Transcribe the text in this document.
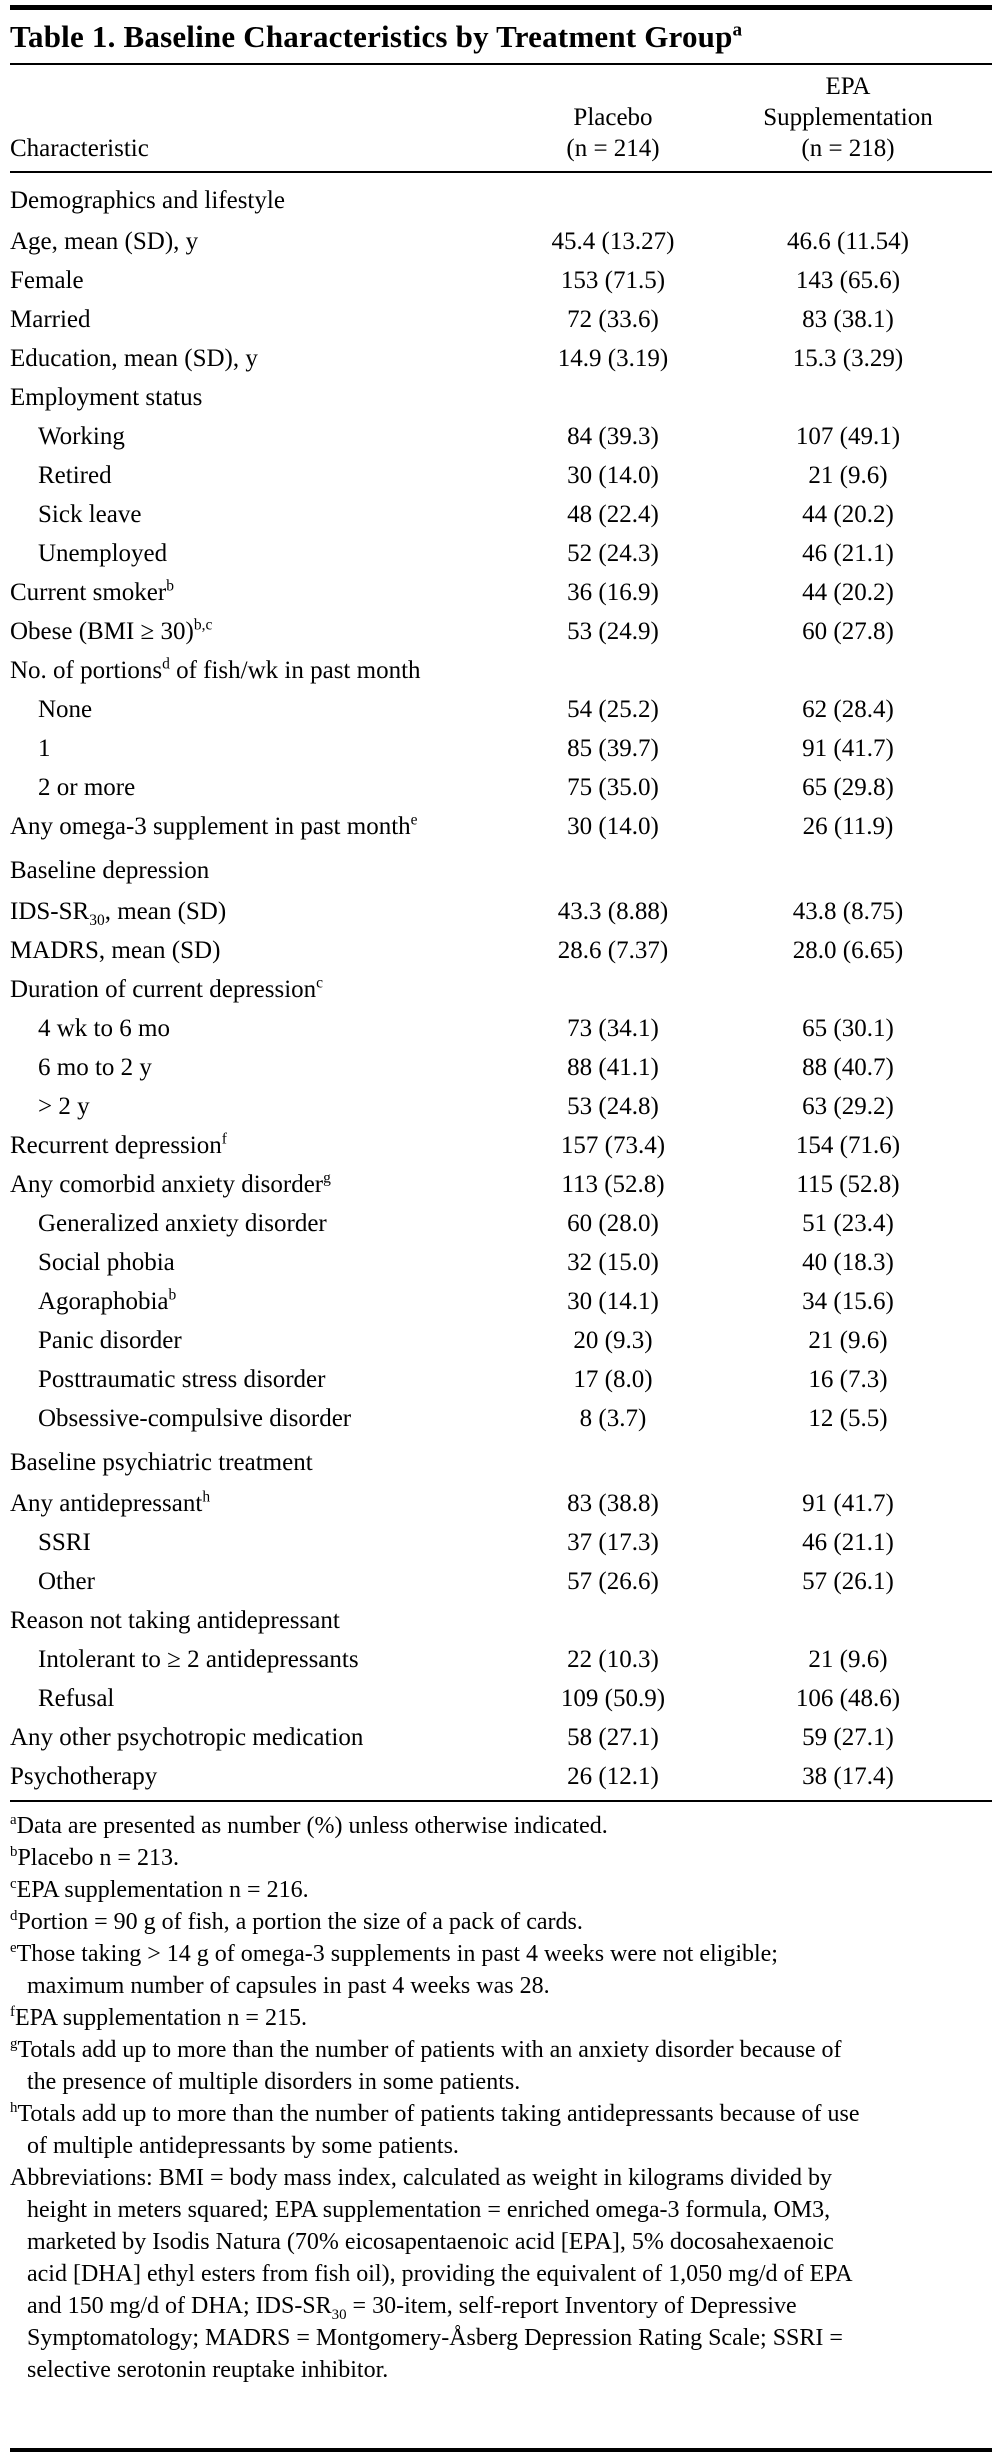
Table 1. Baseline Characteristics by Treatment Group$^a$
Characteristic
Placebo
(n = 214)
EPA
Supplementation
(n = 218)
Demographics and lifestyle
Age, mean (SD), y	45.4 (13.27)	46.6 (11.54)
Female	153 (71.5)	143 (65.6)
Married	72 (33.6)	83 (38.1)
Education, mean (SD), y	14.9 (3.19)	15.3 (3.29)
Employment status
Working	84 (39.3)	107 (49.1)
Retired	30 (14.0)	21 (9.6)
Sick leave	48 (22.4)	44 (20.2)
Unemployed	52 (24.3)	46 (21.1)
Current smoker$^b$	36 (16.9)	44 (20.2)
Obese (BMI ≥ 30)$^{b,c}$	53 (24.9)	60 (27.8)
No. of portions$^d$ of fish/wk in past month
None	54 (25.2)	62 (28.4)
1	85 (39.7)	91 (41.7)
2 or more	75 (35.0)	65 (29.8)
Any omega-3 supplement in past month$^e$	30 (14.0)	26 (11.9)
Baseline depression
IDS-$SR_{30}$, mean (SD)	43.3 (8.88)	43.8 (8.75)
MADRS, mean (SD)	28.6 (7.37)	28.0 (6.65)
Duration of current depression$^c$
4 wk to 6 mo	73 (34.1)	65 (30.1)
6 mo to 2 y	88 (41.1)	88 (40.7)
> 2 y	53 (24.8)	63 (29.2)
Recurrent depression$^f$	157 (73.4)	154 (71.6)
Any comorbid anxiety disorder$^g$	113 (52.8)	115 (52.8)
Generalized anxiety disorder	60 (28.0)	51 (23.4)
Social phobia	32 (15.0)	40 (18.3)
Agoraphobia$^b$	30 (14.1)	34 (15.6)
Panic disorder	20 (9.3)	21 (9.6)
Posttraumatic stress disorder	17 (8.0)	16 (7.3)
Obsessive-compulsive disorder	8 (3.7)	12 (5.5)
Baseline psychiatric treatment
Any antidepressant$^h$	83 (38.8)	91 (41.7)
SSRI	37 (17.3)	46 (21.1)
Other	57 (26.6)	57 (26.1)
Reason not taking antidepressant
Intolerant to ≥ 2 antidepressants	22 (10.3)	21 (9.6)
Refusal	109 (50.9)	106 (48.6)
Any other psychotropic medication	58 (27.1)	59 (27.1)
Psychotherapy	26 (12.1)	38 (17.4)
$^a$Data are presented as number (%) unless otherwise indicated.
$^b$Placebo n = 213.
$^c$EPA supplementation n = 216.
$^d$Portion = 90 g of fish, a portion the size of a pack of cards.
$^e$Those taking > 14 g of omega-3 supplements in past 4 weeks were not eligible; maximum number of capsules in past 4 weeks was 28.
$^f$EPA supplementation n = 215.
$^g$Totals add up to more than the number of patients with an anxiety disorder because of the presence of multiple disorders in some patients.
$^h$Totals add up to more than the number of patients taking antidepressants because of use of multiple antidepressants by some patients.
Abbreviations: BMI = body mass index, calculated as weight in kilograms divided by height in meters squared; EPA supplementation = enriched omega-3 formula, OM3, marketed by Isodis Natura (70% eicosapentaenoic acid [EPA], 5% docosahexaenoic acid [DHA] ethyl esters from fish oil), providing the equivalent of 1,050 mg/d of EPA and 150 mg/d of DHA; IDS-$SR_{30}$ = 30-item, self-report Inventory of Depressive Symptomatology; MADRS = Montgomery-Åsberg Depression Rating Scale; SSRI = selective serotonin reuptake inhibitor.
